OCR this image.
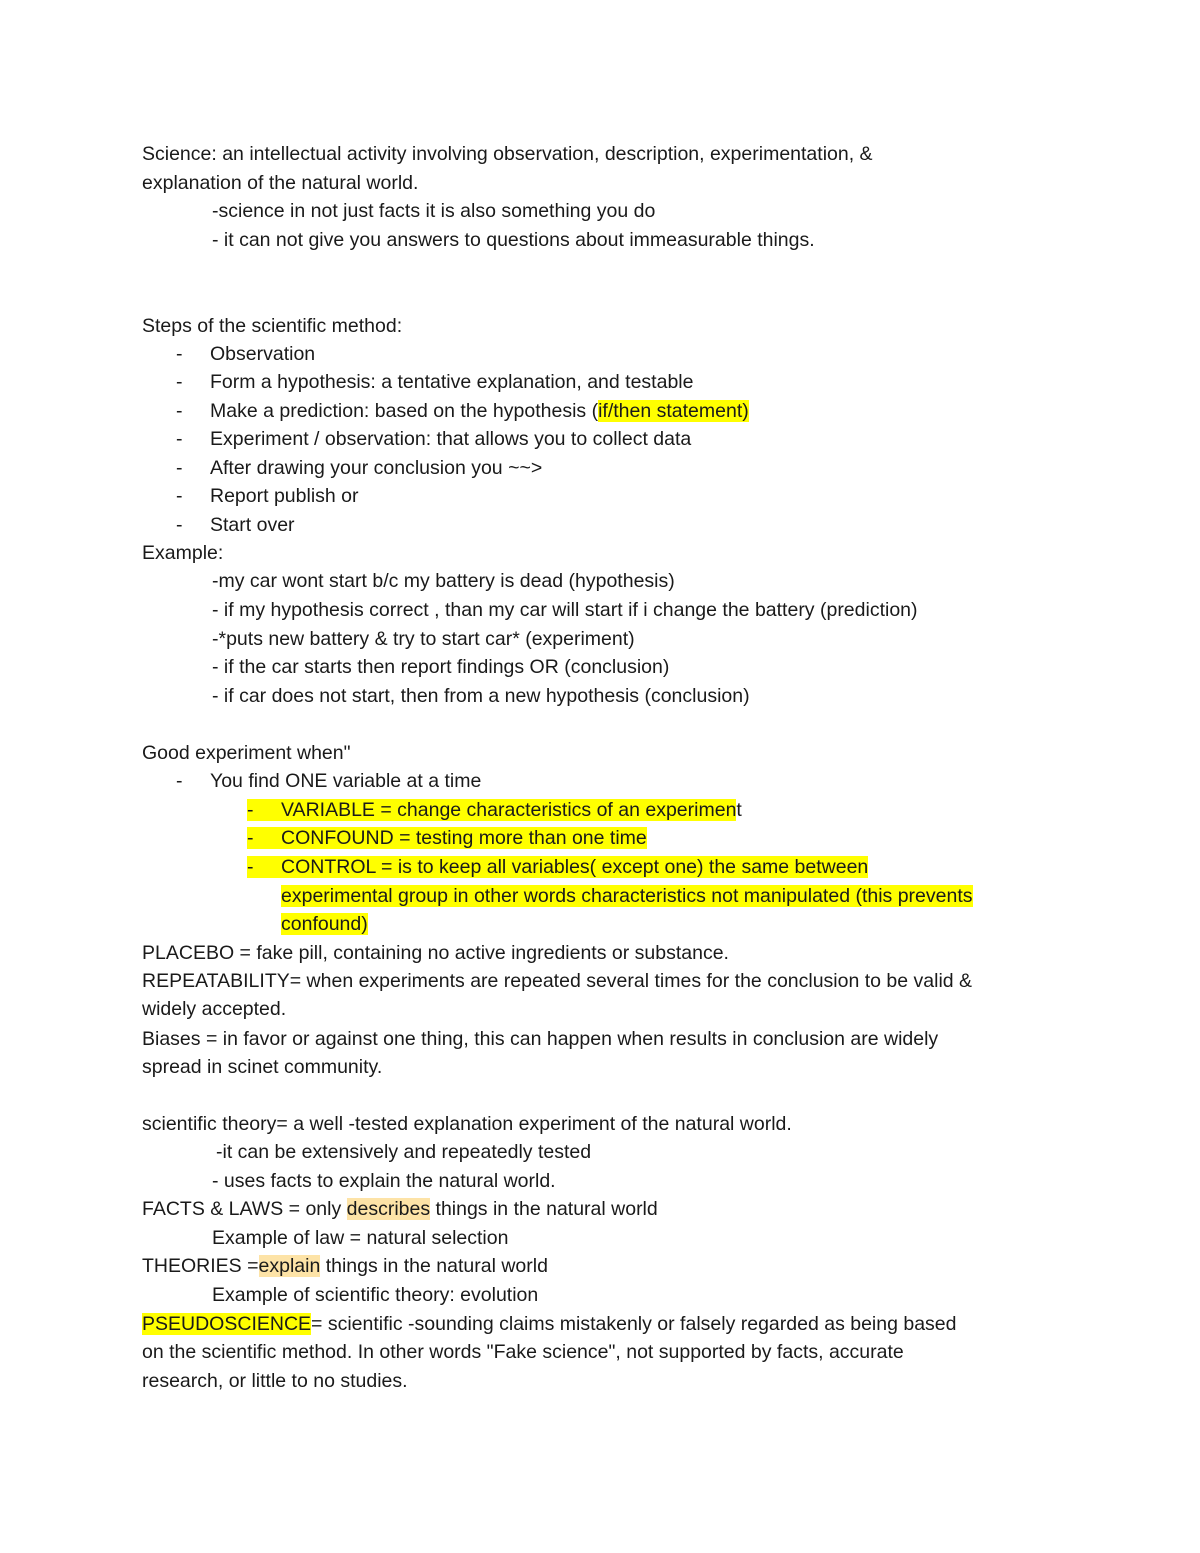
Science: an intellectual activity involving observation, description, experimentation, &
explanation of the natural world.
-science in not just facts it is also something you do
- it can not give you answers to questions about immeasurable things.
Steps of the scientific method:
- Observation
- Form a hypothesis: a tentative explanation, and testable
- Make a prediction: based on the hypothesis (if/then statement)
- Experiment / observation: that allows you to collect data
- After drawing your conclusion you ~~>
- Report publish or
- Start over
Example:
-my car wont start b/c my battery is dead (hypothesis)
- if my hypothesis correct , than my car will start if i change the battery (prediction)
-*puts new battery & try to start car* (experiment)
- if the car starts then report findings OR (conclusion)
- if car does not start, then from a new hypothesis (conclusion)
Good experiment when"
- You find ONE variable at a time
- VARIABLE = change characteristics of an experiment
- CONFOUND = testing more than one time
- CONTROL = is to keep all variables( except one) the same between
experimental group in other words characteristics not manipulated (this prevents
confound)
PLACEBO = fake pill, containing no active ingredients or substance.
REPEATABILITY= when experiments are repeated several times for the conclusion to be valid &
widely accepted.
Biases = in favor or against one thing, this can happen when results in conclusion are widely
spread in scinet community.
scientific theory= a well -tested explanation experiment of the natural world.
-it can be extensively and repeatedly tested
- uses facts to explain the natural world.
FACTS & LAWS = only describes things in the natural world
Example of law = natural selection
THEORIES =explain things in the natural world
Example of scientific theory: evolution
PSEUDOSCIENCE= scientific -sounding claims mistakenly or falsely regarded as being based
on the scientific method. In other words "Fake science", not supported by facts, accurate
research, or little to no studies.
